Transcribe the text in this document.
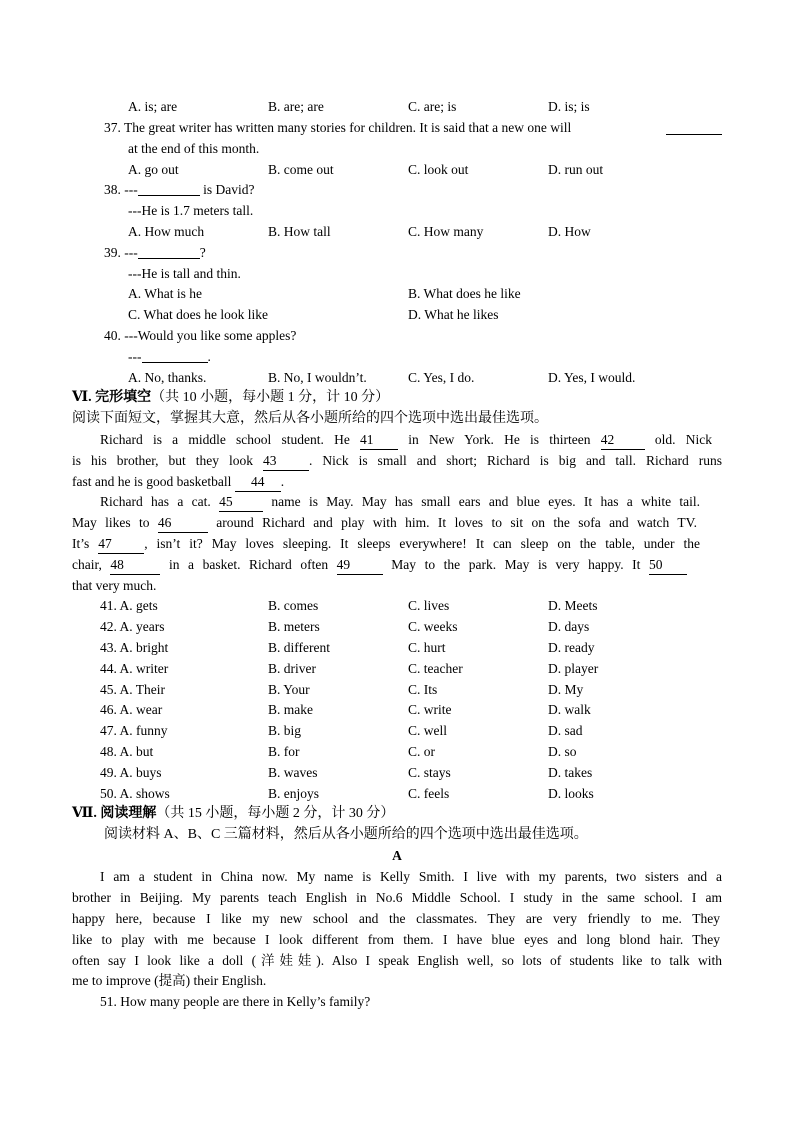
A. is; are	B. are; are	C. are; is	D. is; is
37. The great writer has written many stories for children. It is said that a new one will
at the end of this month.
A. go out	B. come out	C. look out	D. run out
38. ---	is David?
---He is 1.7 meters tall.
A. How much	B. How tall	C. How many	D. How
39. ---	?
---He is tall and thin.
A. What is he	B. What does he like
C. What does he look like	D. What he likes
40. ---Would you like some apples?
---	.
A. No, thanks.	B. No, I wouldn’t.	C. Yes, I do.	D. Yes, I would.
Ⅵ. 完形填空（共 10 小题，每小题 1 分，计 10 分）
阅读下面短文，掌握其大意，然后从各小题所给的四个选项中选出最佳选项。
Richard is a middle school student. He 41 in New York. He is thirteen 42 old. Nick
is his brother, but they look 43 . Nick is small and short; Richard is big and tall. Richard runs
fast and he is good basketball 44 .
Richard has a cat. 45 name is May. May has small ears and blue eyes. It has a white tail.
May likes to 46	around Richard and play with him. It loves to sit on the sofa and watch TV.
It’s 47 , isn’t it? May loves sleeping. It sleeps everywhere! It can sleep on the table, under the
chair, 48	in a basket. Richard often 49 May to the park. May is very happy. It 50
that very much.
41. A. gets	B. comes	C. lives	D. Meets
42. A. years	B. meters	C. weeks	D. days
43. A. bright	B. different	C. hurt	D. ready
44. A. writer	B. driver	C. teacher	D. player
45. A. Their	B. Your	C. Its	D. My
46. A. wear	B. make	C. write	D. walk
47. A. funny	B. big	C. well	D. sad
48. A. but	B. for	C. or	D. so
49. A. buys	B. waves	C. stays	D. takes
50. A. shows	B. enjoys	C. feels	D. looks
Ⅶ. 阅读理解（共 15 小题，每小题 2 分，计 30 分）
阅读材料 A、B、C 三篇材料，然后从各小题所给的四个选项中选出最佳选项。
A
I am a student in China now. My name is Kelly Smith. I live with my parents, two sisters and a
brother in Beijing. My parents teach English in No.6 Middle School. I study in the same school. I am
happy here, because I like my new school and the classmates. They are very friendly to me. They
like to play with me because I look different from them. I have blue eyes and long blond hair. They
often say I look like a doll (洋娃娃). Also I speak English well, so lots of students like to talk with
me to improve (提高) their English.
51. How many people are there in Kelly’s family?
